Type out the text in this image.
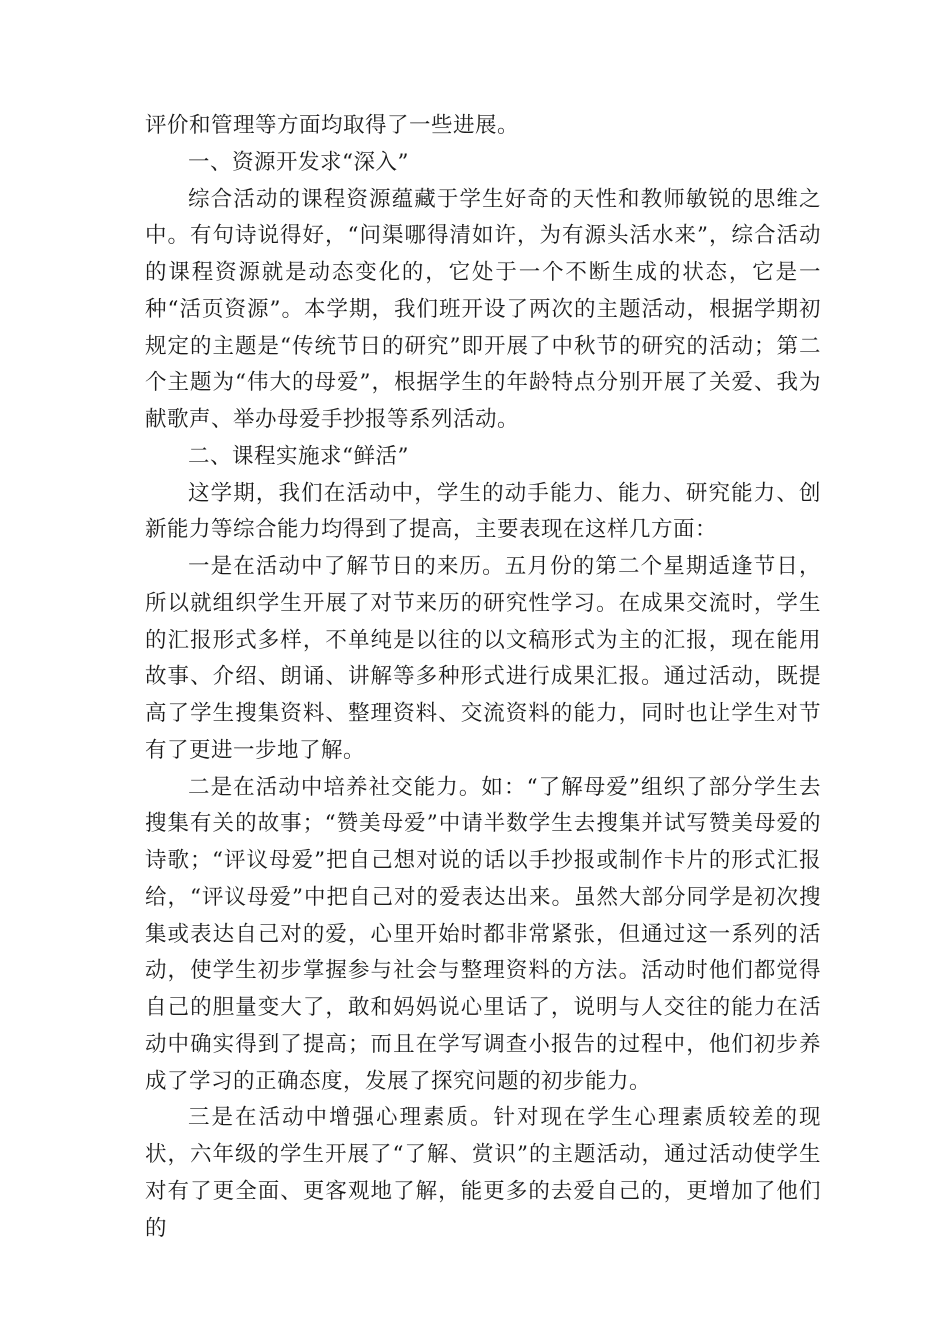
评价和管理等方面均取得了一些进展。

一、资源开发求“深入”

综合活动的课程资源蕴藏于学生好奇的天性和教师敏锐的思维之中。有句诗说得好，“问渠哪得清如许，为有源头活水来”，综合活动的课程资源就是动态变化的，它处于一个不断生成的状态，它是一种“活页资源”。本学期，我们班开设了两次的主题活动，根据学期初规定的主题是“传统节日的研究”即开展了中秋节的研究的活动；第二个主题为“伟大的母爱”，根据学生的年龄特点分别开展了关爱、我为献歌声、举办母爱手抄报等系列活动。

二、课程实施求“鲜活”

这学期，我们在活动中，学生的动手能力、能力、研究能力、创新能力等综合能力均得到了提高，主要表现在这样几方面：

一是在活动中了解节日的来历。五月份的第二个星期适逢节日，所以就组织学生开展了对节来历的研究性学习。在成果交流时，学生的汇报形式多样，不单纯是以往的以文稿形式为主的汇报，现在能用故事、介绍、朗诵、讲解等多种形式进行成果汇报。通过活动，既提高了学生搜集资料、整理资料、交流资料的能力，同时也让学生对节有了更进一步地了解。

二是在活动中培养社交能力。如：“了解母爱”组织了部分学生去搜集有关的故事；“赞美母爱”中请半数学生去搜集并试写赞美母爱的诗歌；“评议母爱”把自己想对说的话以手抄报或制作卡片的形式汇报给，“评议母爱”中把自己对的爱表达出来。虽然大部分同学是初次搜集或表达自己对的爱，心里开始时都非常紧张，但通过这一系列的活动，使学生初步掌握参与社会与整理资料的方法。活动时他们都觉得自己的胆量变大了，敢和妈妈说心里话了，说明与人交往的能力在活动中确实得到了提高；而且在学写调查小报告的过程中，他们初步养成了学习的正确态度，发展了探究问题的初步能力。

三是在活动中增强心理素质。针对现在学生心理素质较差的现状，六年级的学生开展了“了解、赏识”的主题活动，通过活动使学生对有了更全面、更客观地了解，能更多的去爱自己的，更增加了他们的
